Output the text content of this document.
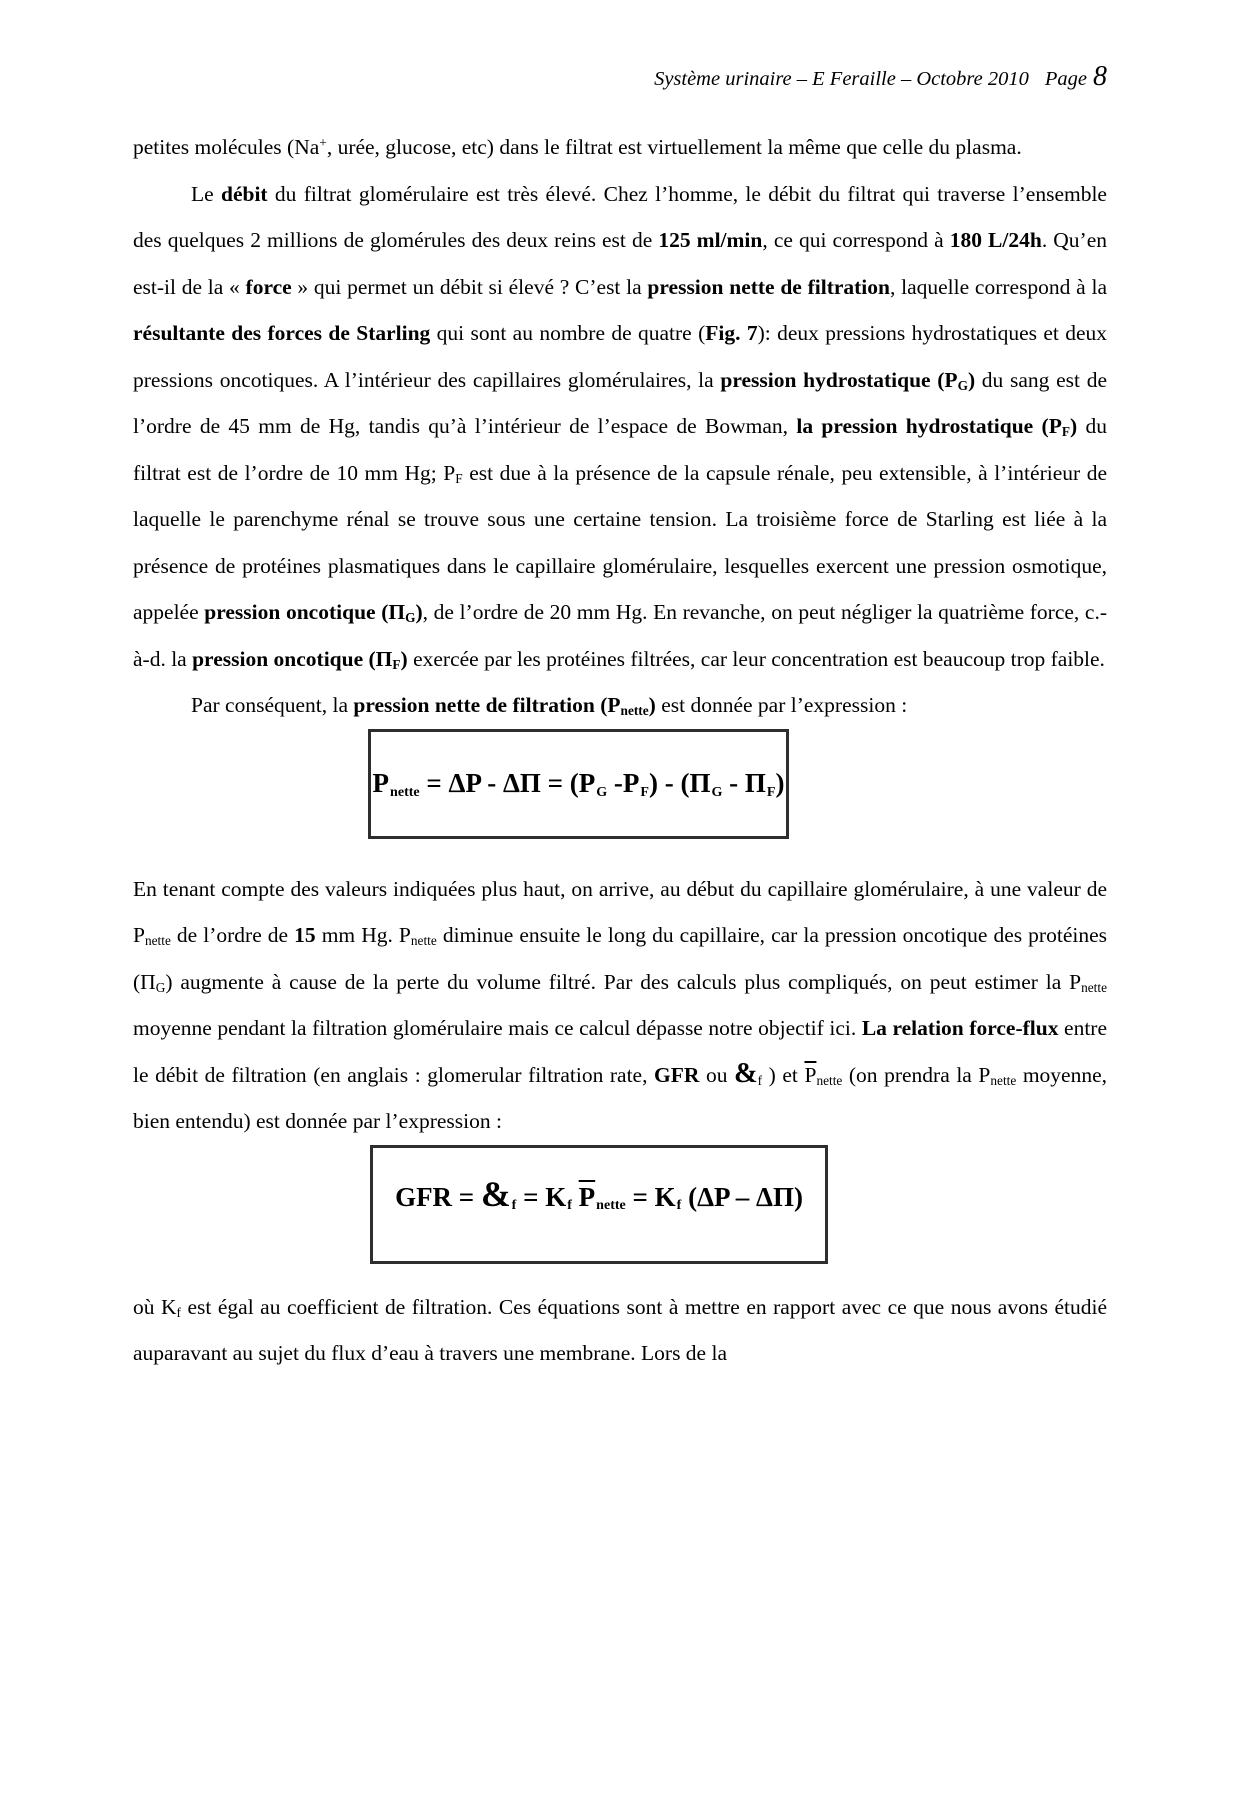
Système urinaire – E Feraille – Octobre 2010 Page 8

petites molécules (Na+, urée, glucose, etc) dans le filtrat est virtuellement la même que celle du plasma.

Le débit du filtrat glomérulaire est très élevé. Chez l’homme, le débit du filtrat qui traverse l’ensemble des quelques 2 millions de glomérules des deux reins est de 125 ml/min, ce qui correspond à 180 L/24h. Qu’en est-il de la « force » qui permet un débit si élevé ? C’est la pression nette de filtration, laquelle correspond à la résultante des forces de Starling qui sont au nombre de quatre (Fig. 7): deux pressions hydrostatiques et deux pressions oncotiques. A l’intérieur des capillaires glomérulaires, la pression hydrostatique $(P_G)$ du sang est de l’ordre de 45 mm de Hg, tandis qu’à l’intérieur de l’espace de Bowman, la pression hydrostatique $(P_F)$ du filtrat est de l’ordre de 10 mm Hg; $P_F$ est due à la présence de la capsule rénale, peu extensible, à l’intérieur de laquelle le parenchyme rénal se trouve sous une certaine tension. La troisième force de Starling est liée à la présence de protéines plasmatiques dans le capillaire glomérulaire, lesquelles exercent une pression osmotique, appelée pression oncotique $(\Pi_G)$, de l’ordre de 20 mm Hg. En revanche, on peut négliger la quatrième force, c.-à-d. la pression oncotique $(\Pi_F)$ exercée par les protéines filtrées, car leur concentration est beaucoup trop faible.

Par conséquent, la pression nette de filtration $(P_{nette})$ est donnée par l’expression :

$P_{nette} = \Delta P - \Delta\Pi = (P_G$ $-P_F) - (\Pi_G - \Pi_F)$

En tenant compte des valeurs indiquées plus haut, on arrive, au début du capillaire glomérulaire, à une valeur de $P_{nette}$ de l’ordre de 15 mm Hg. $P_{nette}$ diminue ensuite le long du capillaire, car la pression oncotique des protéines $(\Pi_G)$ augmente à cause de la perte du volume filtré. Par des calculs plus compliqués, on peut estimer la $P_{nette}$ moyenne pendant la filtration glomérulaire mais ce calcul dépasse notre objectif ici. La relation force-flux entre le débit de filtration (en anglais : glomerular filtration rate, GFR ou $\&_f$ ) et $\overline{P}_{nette}$ (on prendra la $P_{nette}$ moyenne, bien entendu) est donnée par l’expression :

GFR = $\&_f = K_f$ $\overline{P}_{nette} = K_f$ (ΔP – ΔΠ)

où $K_f$ est égal au coefficient de filtration. Ces équations sont à mettre en rapport avec ce que nous avons étudié auparavant au sujet du flux d’eau à travers une membrane. Lors de la
